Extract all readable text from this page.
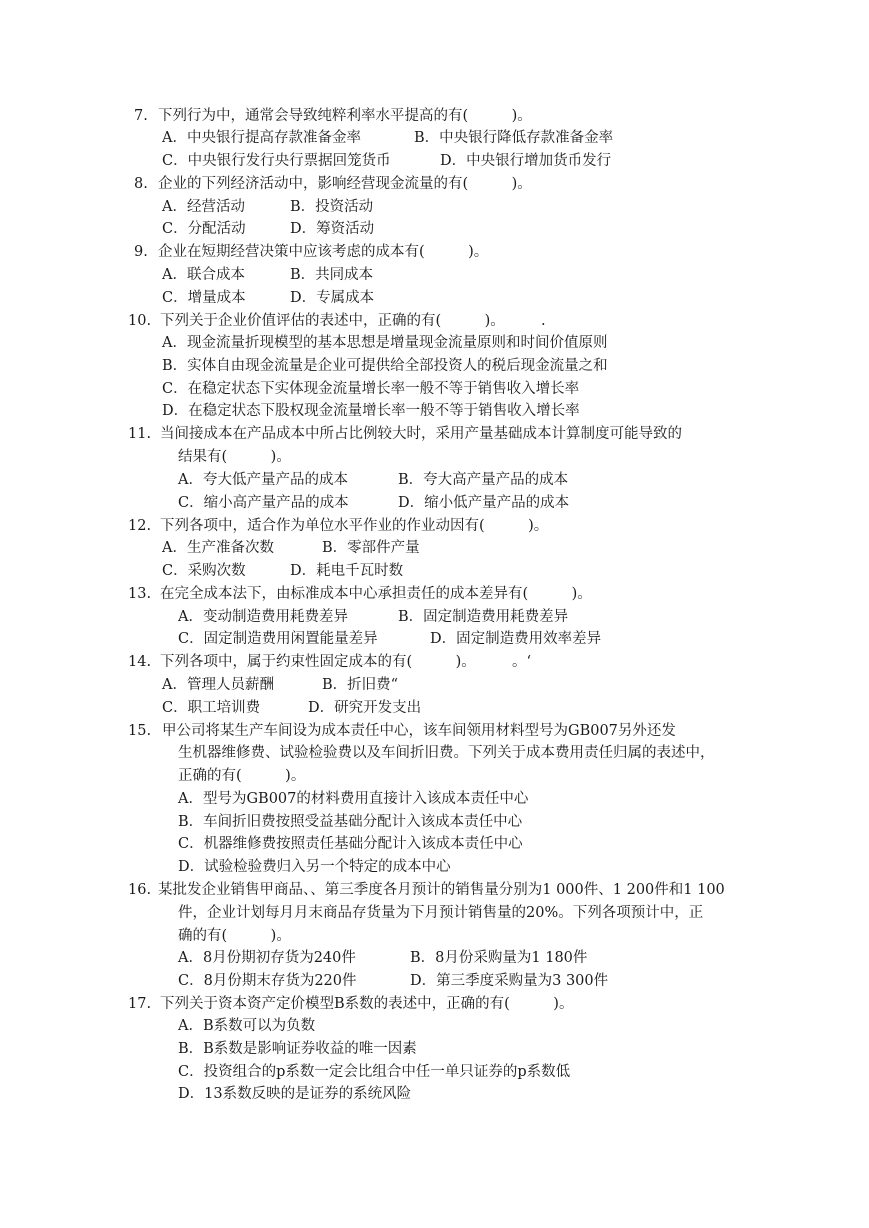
7. 下列行为中，通常会导致纯粹利率水平提高的有(　　　)。
A．中央银行提高存款准备金率	B．中央银行降低存款准备金率
C．中央银行发行央行票据回笼货币	D．中央银行增加货币发行
8. 企业的下列经济活动中，影响经营现金流量的有(　　　)。
A．经营活动	B．投资活动
C．分配活动	D．筹资活动
9. 企业在短期经营决策中应该考虑的成本有(　　　)。
A．联合成本	B．共同成本
C．增量成本	D．专属成本
10. 下列关于企业价值评估的表述中，正确的有(　　　)。　　　.
A．现金流量折现模型的基本思想是增量现金流量原则和时间价值原则
B．实体自由现金流量是企业可提供给全部投资人的税后现金流量之和
C．在稳定状态下实体现金流量增长率一般不等于销售收入增长率
D．在稳定状态下股权现金流量增长率一般不等于销售收入增长率
11. 当间接成本在产品成本中所占比例较大时，采用产量基础成本计算制度可能导致的
结果有(　　　)。
A．夸大低产量产品的成本	B．夸大高产量产品的成本
C．缩小高产量产品的成本	D．缩小低产量产品的成本
12. 下列各项中，适合作为单位水平作业的作业动因有(　　　)。
A．生产准备次数	B．零部件产量
C．采购次数	D．耗电千瓦时数
13. 在完全成本法下，由标准成本中心承担责任的成本差异有(　　　)。
A．变动制造费用耗费差异	B．固定制造费用耗费差异
C．固定制造费用闲置能量差异	D．固定制造费用效率差异
14. 下列各项中，属于约束性固定成本的有(　　　)。　　　。‘
A．管理人员薪酬	B．折旧费“
C．职工培训费	D．研究开发支出
15. 甲公司将某生产车间设为成本责任中心，该车间领用材料型号为GB007另外还发
生机器维修费、试验检验费以及车间折旧费。下列关于成本费用责任归属的表述中，
正确的有(　　　)。
A．型号为GB007的材料费用直接计入该成本责任中心
B．车间折旧费按照受益基础分配计入该成本责任中心
C．机器维修费按照责任基础分配计入该成本责任中心
D．试验检验费归入另一个特定的成本中心
16. 某批发企业销售甲商品、、第三季度各月预计的销售量分别为1 000件、1 200件和1 100
件，企业计划每月月末商品存货量为下月预计销售量的20%。下列各项预计中，正
确的有(　　　)。
A．8月份期初存货为240件	B．8月份采购量为1 180件
C．8月份期末存货为220件	D．第三季度采购量为3 300件
17. 下列关于资本资产定价模型B系数的表述中，正确的有(　　　)。
A．B系数可以为负数
B．B系数是影响证券收益的唯一因素
C．投资组合的p系数一定会比组合中任一单只证券的p系数低
D．13系数反映的是证券的系统风险
